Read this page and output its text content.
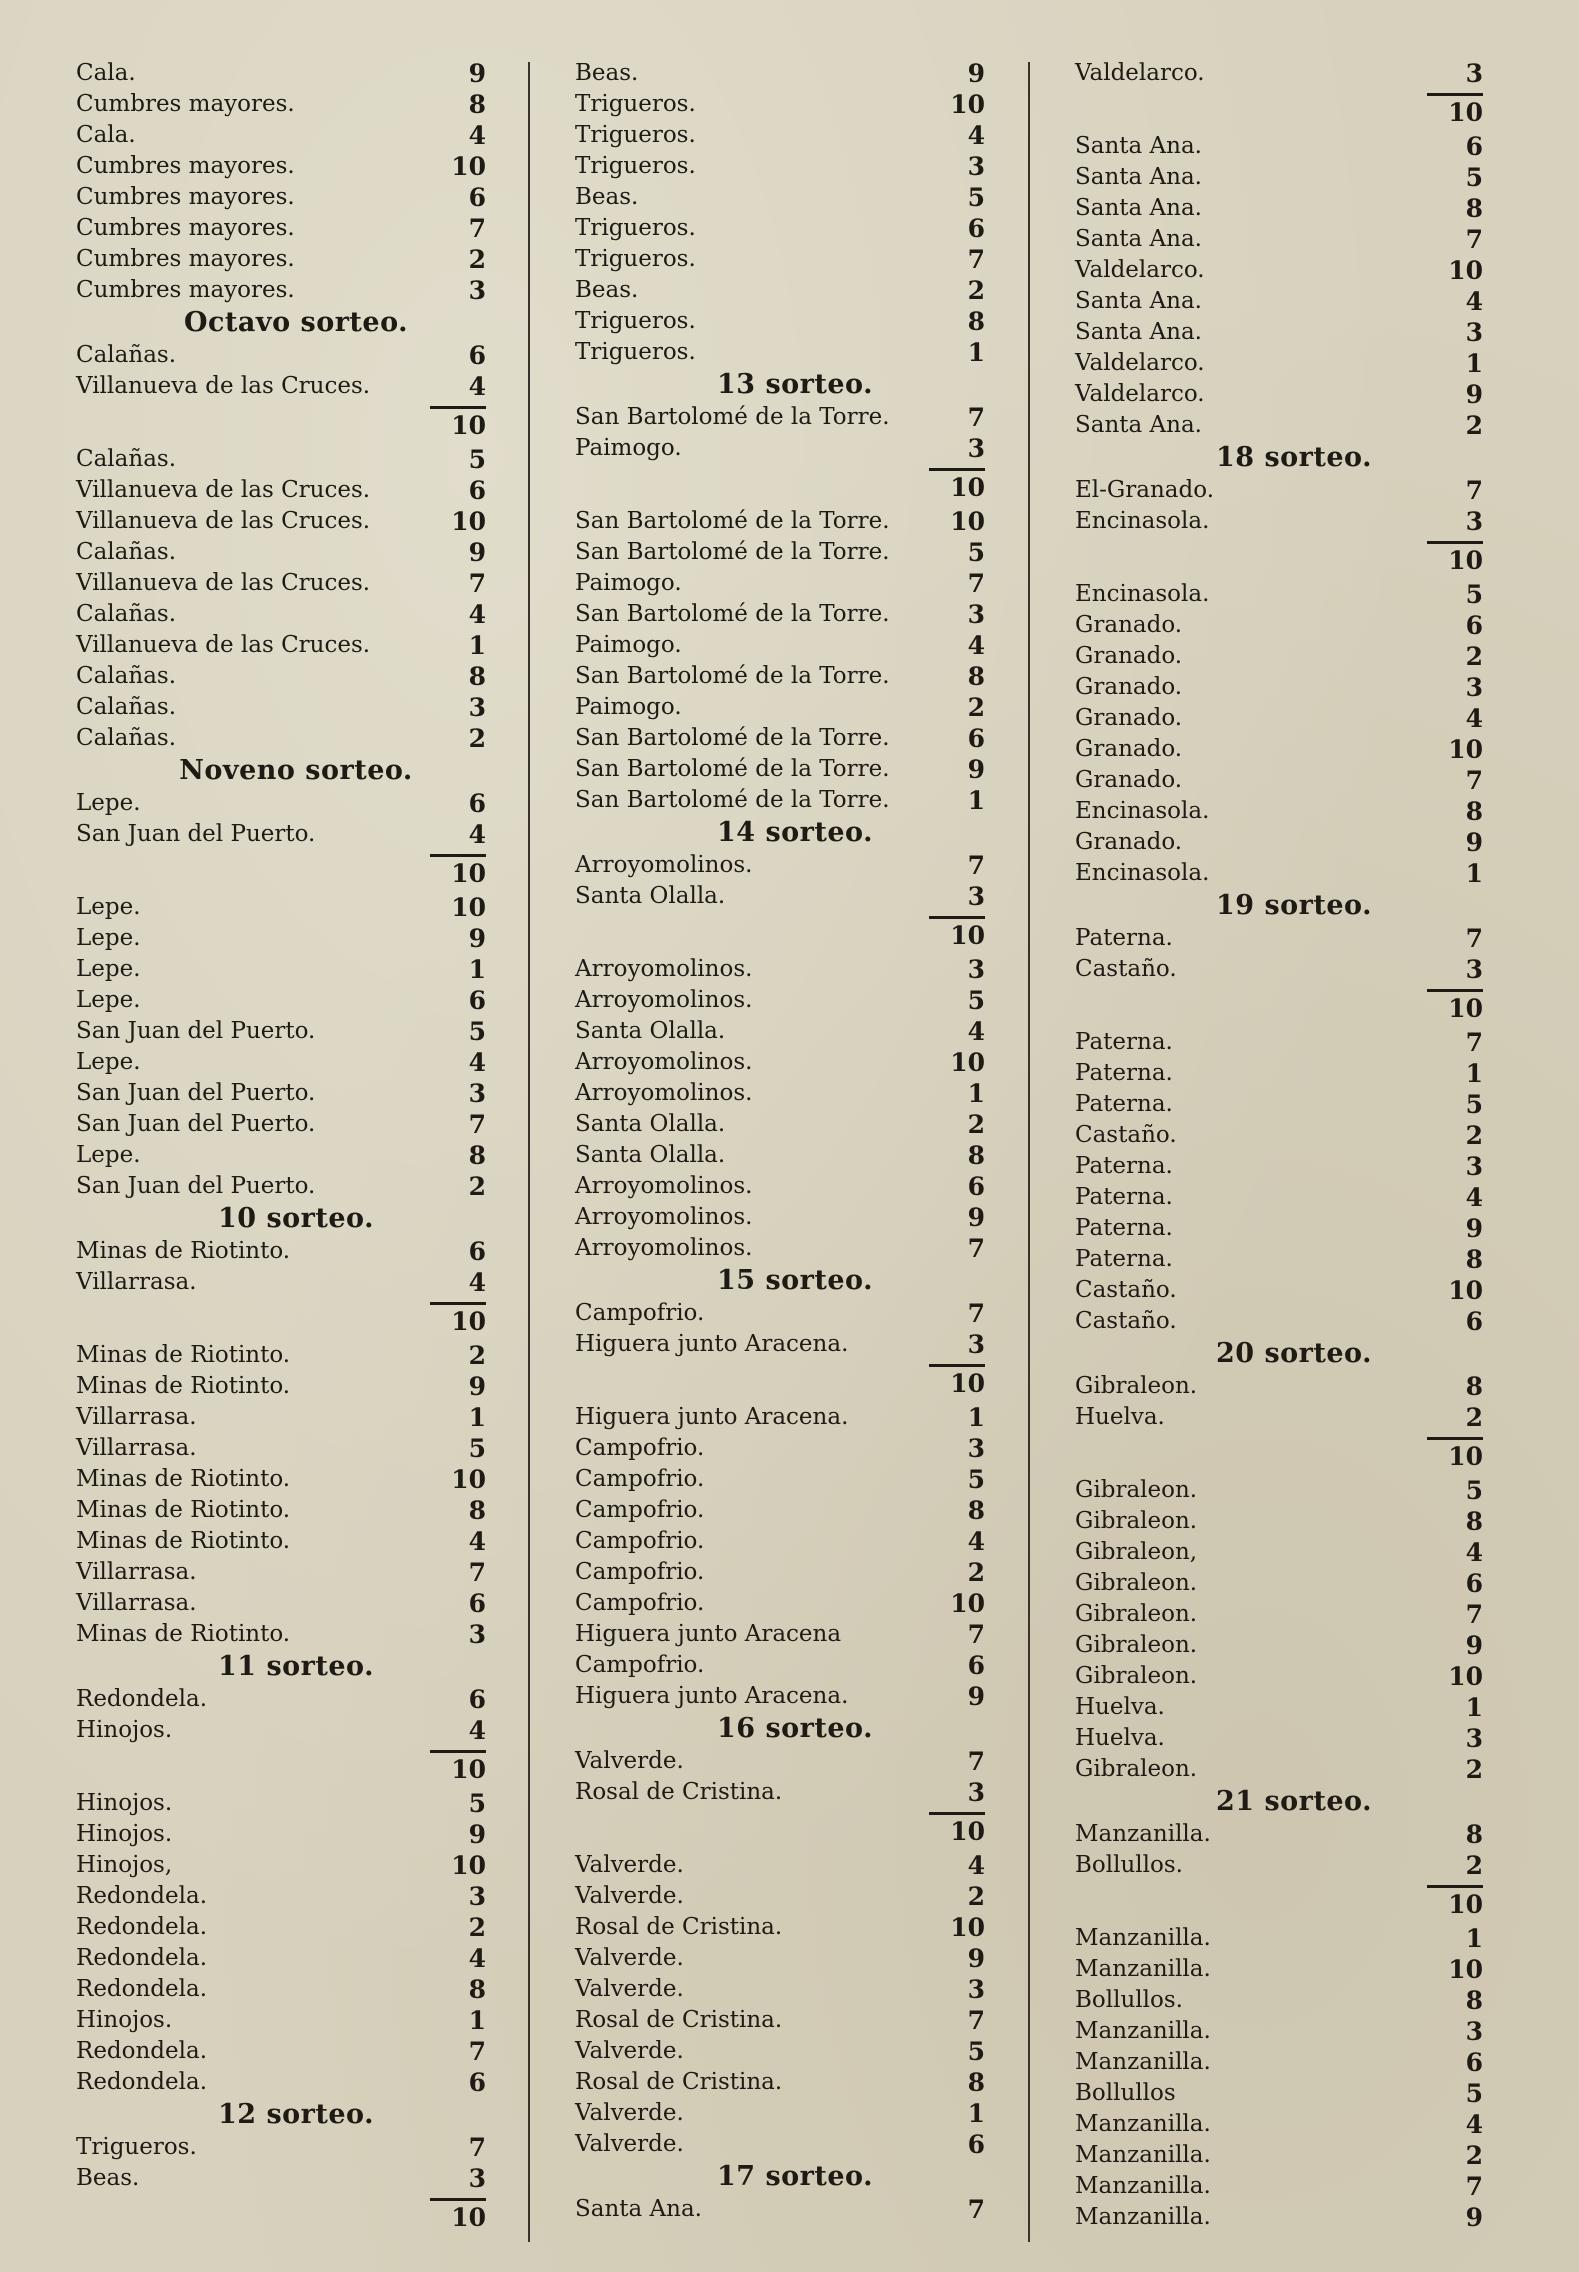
Cala.	9
Cumbres mayores.	8
Cala.	4
Cumbres mayores.	10
Cumbres mayores.	6
Cumbres mayores.	7
Cumbres mayores.	2
Cumbres mayores.	3
Octavo sorteo.
Calañas.	6
Villanueva de las Cruces.	4
10
Calañas.	5
Villanueva de las Cruces.	6
Villanueva de las Cruces.	10
Calañas.	9
Villanueva de las Cruces.	7
Calañas.	4
Villanueva de las Cruces.	1
Calañas.	8
Calañas.	3
Calañas.	2
Noveno sorteo.
Lepe.	6
San Juan del Puerto.	4
10
Lepe.	10
Lepe.	9
Lepe.	1
Lepe.	6
San Juan del Puerto.	5
Lepe.	4
San Juan del Puerto.	3
San Juan del Puerto.	7
Lepe.	8
San Juan del Puerto.	2
10 sorteo.
Minas de Riotinto.	6
Villarrasa.	4
10
Minas de Riotinto.	2
Minas de Riotinto.	9
Villarrasa.	1
Villarrasa.	5
Minas de Riotinto.	10
Minas de Riotinto.	8
Minas de Riotinto.	4
Villarrasa.	7
Villarrasa.	6
Minas de Riotinto.	3
11 sorteo.
Redondela.	6
Hinojos.	4
10
Hinojos.	5
Hinojos.	9
Hinojos,	10
Redondela.	3
Redondela.	2
Redondela.	4
Redondela.	8
Hinojos.	1
Redondela.	7
Redondela.	6
12 sorteo.
Trigueros.	7
Beas.	3
10
Beas.	9
Trigueros.	10
Trigueros.	4
Trigueros.	3
Beas.	5
Trigueros.	6
Trigueros.	7
Beas.	2
Trigueros.	8
Trigueros.	1
13 sorteo.
San Bartolomé de la Torre.	7
Paimogo.	3
10
San Bartolomé de la Torre.	10
San Bartolomé de la Torre.	5
Paimogo.	7
San Bartolomé de la Torre.	3
Paimogo.	4
San Bartolomé de la Torre.	8
Paimogo.	2
San Bartolomé de la Torre.	6
San Bartolomé de la Torre.	9
San Bartolomé de la Torre.	1
14 sorteo.
Arroyomolinos.	7
Santa Olalla.	3
10
Arroyomolinos.	3
Arroyomolinos.	5
Santa Olalla.	4
Arroyomolinos.	10
Arroyomolinos.	1
Santa Olalla.	2
Santa Olalla.	8
Arroyomolinos.	6
Arroyomolinos.	9
Arroyomolinos.	7
15 sorteo.
Campofrio.	7
Higuera junto Aracena.	3
10
Higuera junto Aracena.	1
Campofrio.	3
Campofrio.	5
Campofrio.	8
Campofrio.	4
Campofrio.	2
Campofrio.	10
Higuera junto Aracena	7
Campofrio.	6
Higuera junto Aracena.	9
16 sorteo.
Valverde.	7
Rosal de Cristina.	3
10
Valverde.	4
Valverde.	2
Rosal de Cristina.	10
Valverde.	9
Valverde.	3
Rosal de Cristina.	7
Valverde.	5
Rosal de Cristina.	8
Valverde.	1
Valverde.	6
17 sorteo.
Santa Ana.	7
Valdelarco.	3
10
Santa Ana.	6
Santa Ana.	5
Santa Ana.	8
Santa Ana.	7
Valdelarco.	10
Santa Ana.	4
Santa Ana.	3
Valdelarco.	1
Valdelarco.	9
Santa Ana.	2
18 sorteo.
El-Granado.	7
Encinasola.	3
10
Encinasola.	5
Granado.	6
Granado.	2
Granado.	3
Granado.	4
Granado.	10
Granado.	7
Encinasola.	8
Granado.	9
Encinasola.	1
19 sorteo.
Paterna.	7
Castaño.	3
10
Paterna.	7
Paterna.	1
Paterna.	5
Castaño.	2
Paterna.	3
Paterna.	4
Paterna.	9
Paterna.	8
Castaño.	10
Castaño.	6
20 sorteo.
Gibraleon.	8
Huelva.	2
10
Gibraleon.	5
Gibraleon.	8
Gibraleon,	4
Gibraleon.	6
Gibraleon.	7
Gibraleon.	9
Gibraleon.	10
Huelva.	1
Huelva.	3
Gibraleon.	2
21 sorteo.
Manzanilla.	8
Bollullos.	2
10
Manzanilla.	1
Manzanilla.	10
Bollullos.	8
Manzanilla.	3
Manzanilla.	6
Bollullos	5
Manzanilla.	4
Manzanilla.	2
Manzanilla.	7
Manzanilla.	9
